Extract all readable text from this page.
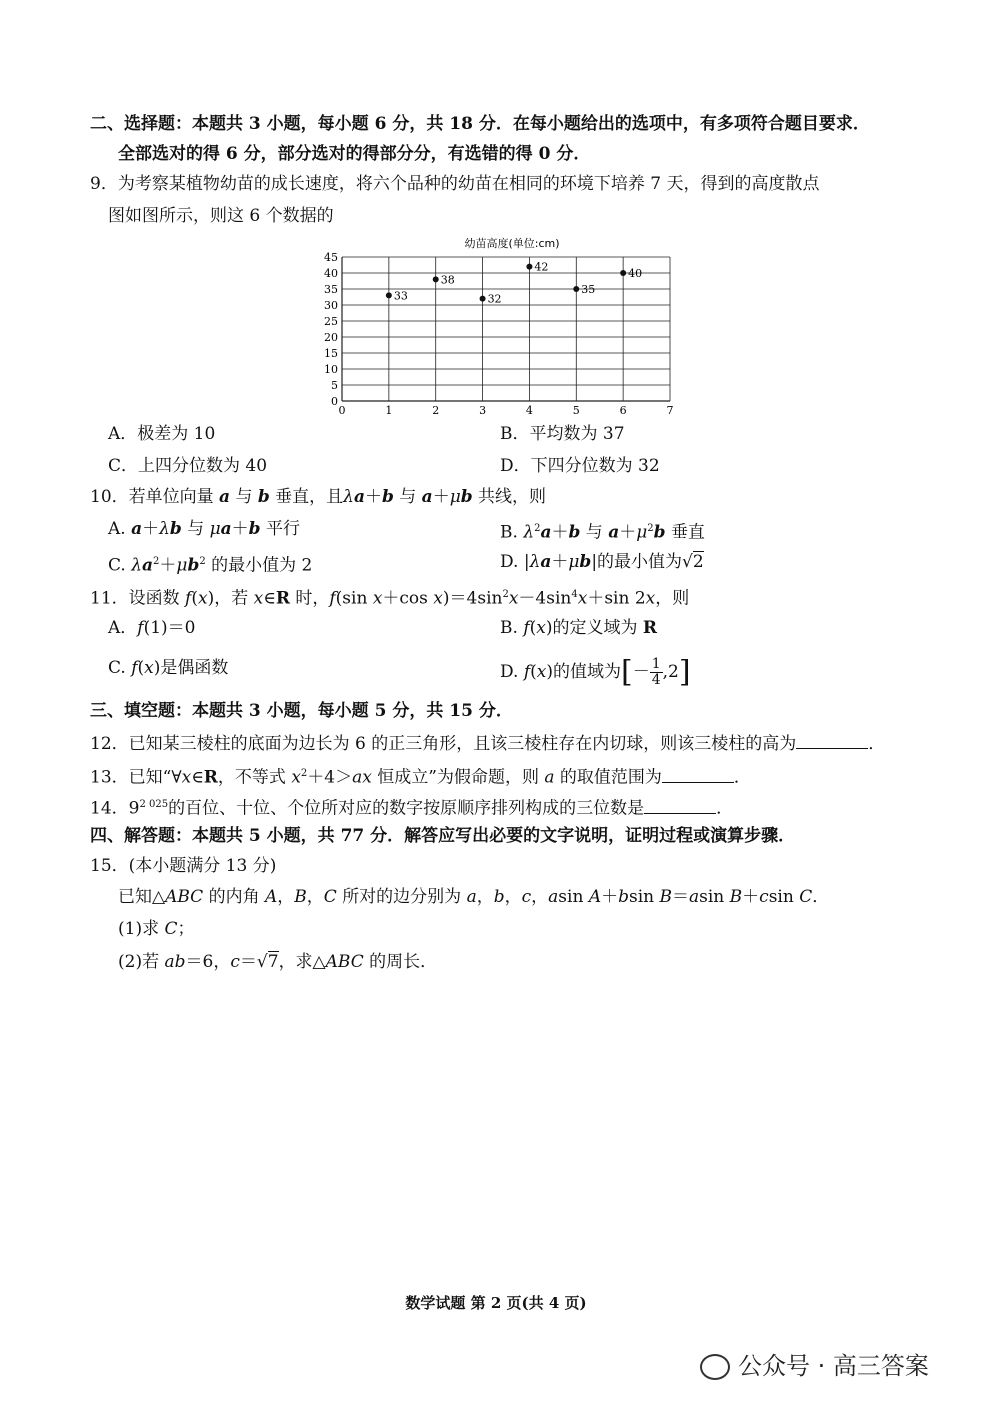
二、选择题：本题共 3 小题，每小题 6 分，共 18 分．在每小题给出的选项中，有多项符合题目要求．
全部选对的得 6 分，部分选对的得部分分，有选错的得 0 分．
9．为考察某植物幼苗的成长速度，将六个品种的幼苗在相同的环境下培养 7 天，得到的高度散点
图如图所示，则这 6 个数据的
幼苗高度(单位:cm)
0
5
10
15
20
25
30
35
40
45
0	1	2	3	4	5	6	7
33
38
32
42
35
40
A．极差为 10	B．平均数为 37
C．上四分位数为 40	D．下四分位数为 32
10．若单位向量 a 与 b 垂直，且λa＋b 与 a＋μb 共线，则
A. a＋λb 与 μa＋b 平行	B. $\lambda^2a+b$ 与 $a+\mu^2b$ 垂直
C. $\lambda a^2+\mu b^2$ 的最小值为 2	D. |λa＋μb|的最小值为√2
11．设函数 f(x)，若 x∈R 时，f(sin x＋cos $x)=4\sin^2x-4\sin^4x+\sin$ 2x，则
A．f(1)＝0	B. f(x)的定义域为 R
C. f(x)是偶函数	D. f(x)的值域为[－ $\frac{1}{4} ,2$]
三、填空题：本题共 3 小题，每小题 5 分，共 15 分．
12．已知某三棱柱的底面为边长为 6 的正三角形，且该三棱柱存在内切球，则该三棱柱的高为	．
13．已知“∀x∈R，不等式 $x^2+4>ax$ 恒成立”为假命题，则 a 的取值范围为	．
14．$9^{2 025}$的百位、十位、个位所对应的数字按原顺序排列构成的三位数是	．
四、解答题：本题共 5 小题，共 77 分．解答应写出必要的文字说明，证明过程或演算步骤．
15．(本小题满分 13 分)
已知△ABC 的内角 A，B，C 所对的边分别为 a，b，c，asin A＋bsin B＝asin B＋csin C．
(1)求 C；
(2)若 ab＝6，c＝√7，求△ABC 的周长．
数学试题 第 2 页(共 4 页)
公众号 · 高三答案
